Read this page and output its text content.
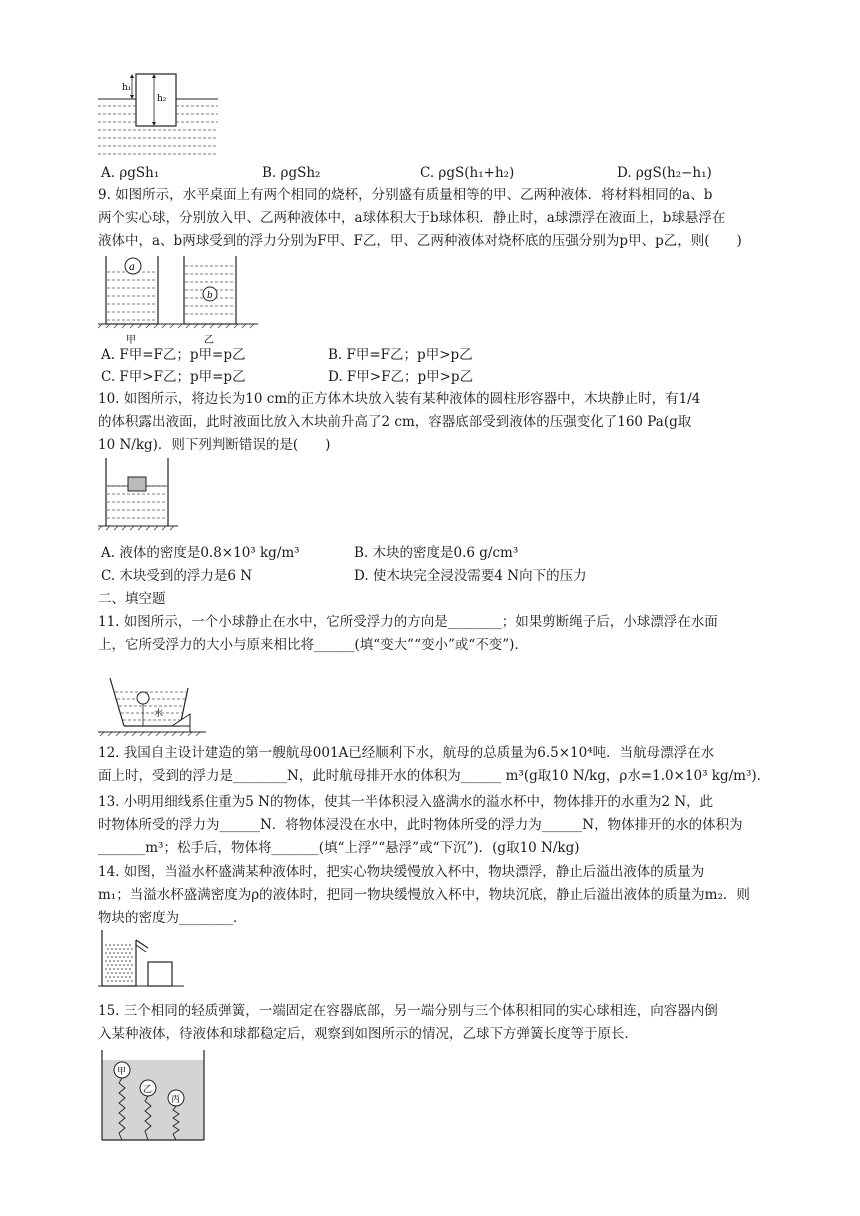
h₁
h₂
A. ρgSh₁	B. ρgSh₂	C. ρgS(h₁+h₂)	D. ρgS(h₂−h₁)
9. 如图所示，水平桌面上有两个相同的烧杯，分别盛有质量相等的甲、乙两种液体．将材料相同的a、b
两个实心球，分别放入甲、乙两种液体中，a球体积大于b球体积．静止时，a球漂浮在液面上，b球悬浮在
液体中，a、b两球受到的浮力分别为F甲、F乙，甲、乙两种液体对烧杯底的压强分别为p甲、p乙，则(　　)
a
b
甲	乙
A. F甲=F乙；p甲=p乙	B. F甲=F乙；p甲>p乙
C. F甲>F乙；p甲=p乙	D. F甲>F乙；p甲>p乙
10. 如图所示，将边长为10 cm的正方体木块放入装有某种液体的圆柱形容器中，木块静止时，有1/4
的体积露出液面，此时液面比放入木块前升高了2 cm，容器底部受到液体的压强变化了160 Pa(g取
10 N/kg)．则下列判断错误的是(　　)
A. 液体的密度是0.8×10³ kg/m³	B. 木块的密度是0.6 g/cm³
C. 木块受到的浮力是6 N	D. 使木块完全浸没需要4 N向下的压力
二、填空题
11. 如图所示，一个小球静止在水中，它所受浮力的方向是________；如果剪断绳子后，小球漂浮在水面
上，它所受浮力的大小与原来相比将______(填“变大”“变小”或“不变”)．
水
12. 我国自主设计建造的第一艘航母001A已经顺利下水，航母的总质量为6.5×10⁴吨．当航母漂浮在水
面上时，受到的浮力是________N，此时航母排开水的体积为______ m³(g取10 N/kg，ρ水=1.0×10³ kg/m³)．
13. 小明用细线系住重为5 N的物体，使其一半体积浸入盛满水的溢水杯中，物体排开的水重为2 N，此
时物体所受的浮力为______N．将物体浸没在水中，此时物体所受的浮力为______N，物体排开的水的体积为
_______m³；松手后，物体将_______(填“上浮”“悬浮”或“下沉”)．(g取10 N/kg)
14. 如图，当溢水杯盛满某种液体时，把实心物块缓慢放入杯中，物块漂浮，静止后溢出液体的质量为
m₁；当溢水杯盛满密度为ρ的液体时，把同一物块缓慢放入杯中，物块沉底，静止后溢出液体的质量为m₂．则
物块的密度为________．
15. 三个相同的轻质弹簧，一端固定在容器底部，另一端分别与三个体积相同的实心球相连，向容器内倒
入某种液体，待液体和球都稳定后，观察到如图所示的情况，乙球下方弹簧长度等于原长．
甲
乙
丙
